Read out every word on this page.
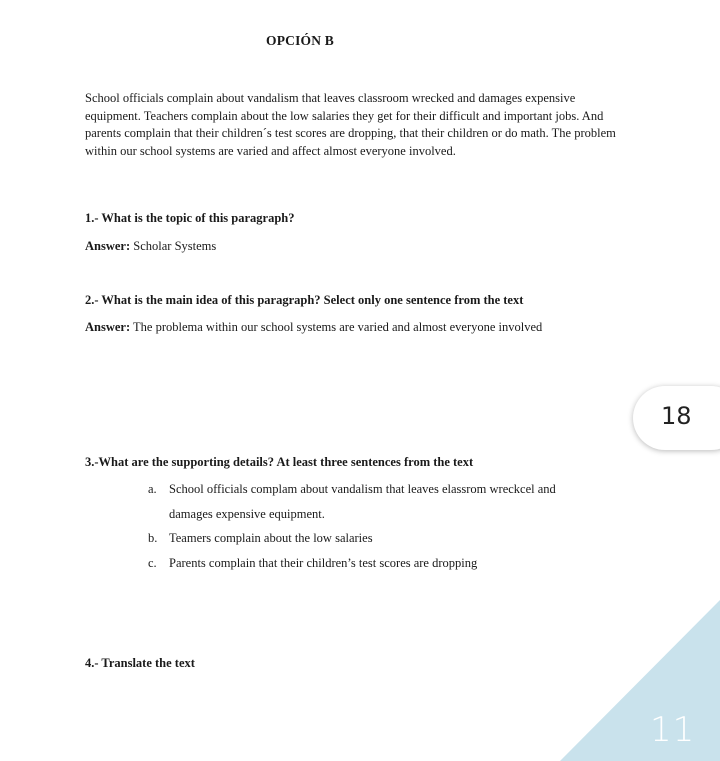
11
OPCIÓN B

School officials complain about vandalism that leaves classroom wrecked and damages expensive equipment. Teachers complain about the low salaries they get for their difficult and important jobs. And parents complain that their children´s test scores are dropping, that their children or do math. The problem within our school systems are varied and affect almost everyone involved.

1.- What is the topic of this paragraph?
Answer: Scholar Systems
2.- What is the main idea of this paragraph? Select only one sentence from the text
Answer: The problema within our school systems are varied and almost everyone involved
3.-What are the supporting details? At least three sentences from the text
a. School officials complam about vandalism that leaves elassrom wreckcel and
damages expensive equipment.
b. Teamers complain about the low salaries
c. Parents complain that their children’s test scores are dropping
4.- Translate the text
18
